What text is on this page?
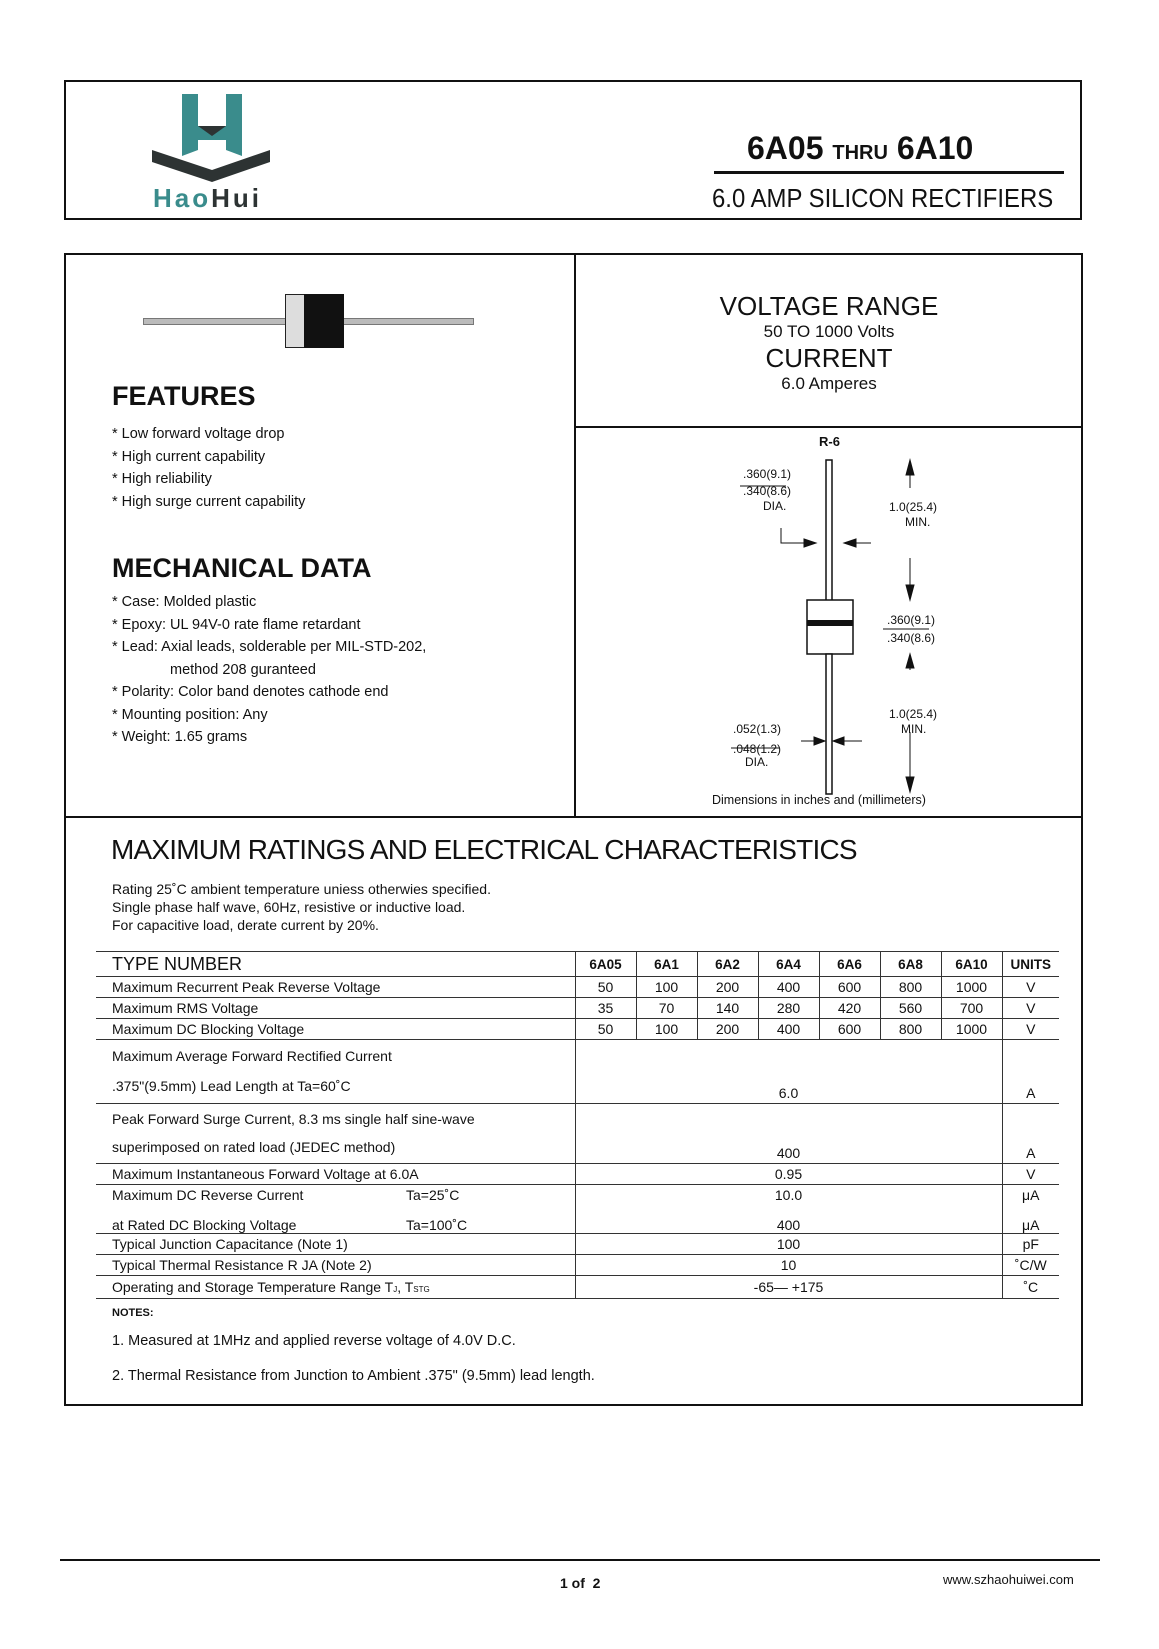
HaoHui
6A05 THRU 6A10
6.0 AMP SILICON RECTIFIERS
FEATURES
* Low forward voltage drop
* High current capability
* High reliability
* High surge current capability
MECHANICAL DATA
* Case: Molded plastic
* Epoxy: UL 94V-0 rate flame retardant
* Lead: Axial leads, solderable per MIL-STD-202,
method 208 guranteed
* Polarity: Color band denotes cathode end
* Mounting position: Any
* Weight: 1.65 grams
VOLTAGE RANGE
50 TO 1000 Volts
CURRENT
6.0 Amperes
R-6
.360(9.1)
.340(8.6)
DIA.	1.0(25.4)
MIN.
.360(9.1)
.340(8.6)
1.0(25.4)
MIN.
.052(1.3)
.048(1.2)
DIA.
Dimensions in inches and (millimeters)
MAXIMUM RATINGS AND ELECTRICAL CHARACTERISTICS
Rating 25˚C ambient temperature uniess otherwies specified.
Single phase half wave, 60Hz, resistive or inductive load.
For capacitive load, derate current by 20%.
TYPE NUMBER	6A05	6A1	6A2	6A4	6A6	6A8	6A10	UNITS
Maximum Recurrent Peak Reverse Voltage	50	100	200	400	600	800	1000	V
Maximum RMS Voltage	35	70	140	280	420	560	700	V
Maximum DC Blocking Voltage	50	100	200	400	600	800	1000	V
Maximum Average Forward Rectified Current
.375"(9.5mm) Lead Length at Ta=60˚C	6.0							A
Peak Forward Surge Current, 8.3 ms single half sine-wave
superimposed on rated load (JEDEC method)	400							A
Maximum Instantaneous Forward Voltage at 6.0A	0.95							V
Maximum DC Reverse Current Ta=25˚C	10.0							μA
at Rated DC Blocking Voltage Ta=100˚C	400							μA
Typical Junction Capacitance (Note 1)	100							pF
Typical Thermal Resistance R JA (Note 2)	10							˚C/W
Operating and Storage Temperature Range TJ, TSTG	-65— +175							˚C
NOTES:
1. Measured at 1MHz and applied reverse voltage of 4.0V D.C.
2. Thermal Resistance from Junction to Ambient .375" (9.5mm) lead length.
1 of  2	www.szhaohuiwei.com
